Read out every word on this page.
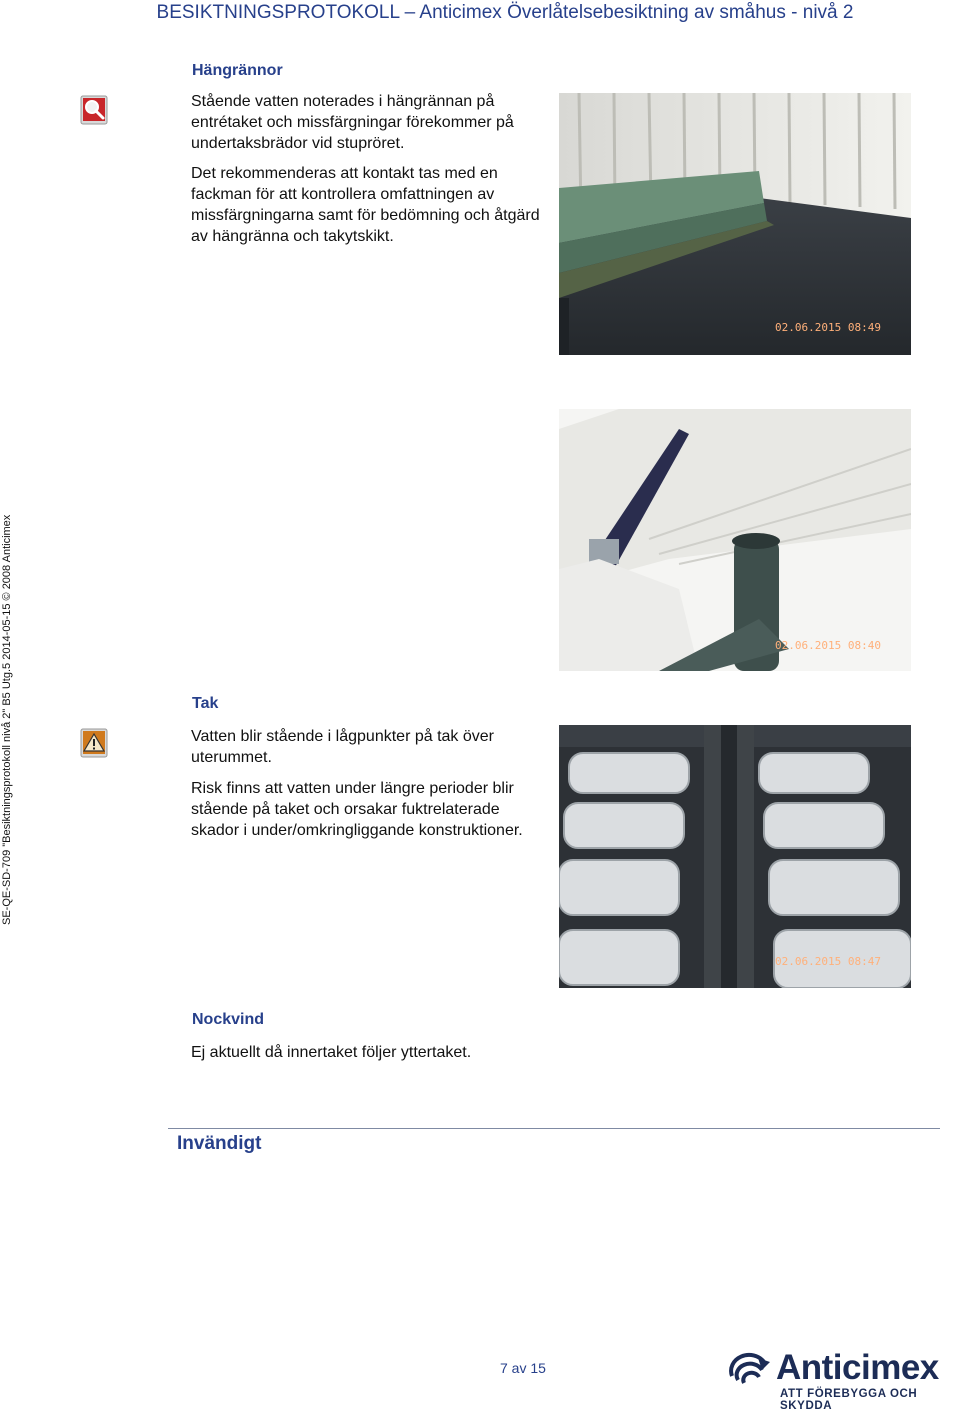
BESIKTNINGSPROTOKOLL – Anticimex Överlåtelsebesiktning av småhus - nivå 2
SE-QE-SD-709 "Besiktningsprotokoll nivå 2" B5 Utg.5 2014-05-15 © 2008 Anticimex
Hängrännor
Stående vatten noterades i hängrännan på entrétaket och missfärgningar förekommer på undertaksbrädor vid stupröret.
Det rekommenderas att kontakt tas med en fackman för att kontrollera omfattningen av missfärgningarna samt för bedömning och åtgärd av hängränna och takytskikt.
02.06.2015 08:49
02.06.2015 08:40
Tak
Vatten blir stående i lågpunkter på tak över uterummet.
Risk finns att vatten under längre perioder blir stående på taket och orsakar fuktrelaterade skador i under/omkringliggande konstruktioner.
02.06.2015 08:47
Nockvind
Ej aktuellt då innertaket följer yttertaket.
Invändigt
7 av 15	Anticimex
ATT FÖREBYGGA OCH SKYDDA
